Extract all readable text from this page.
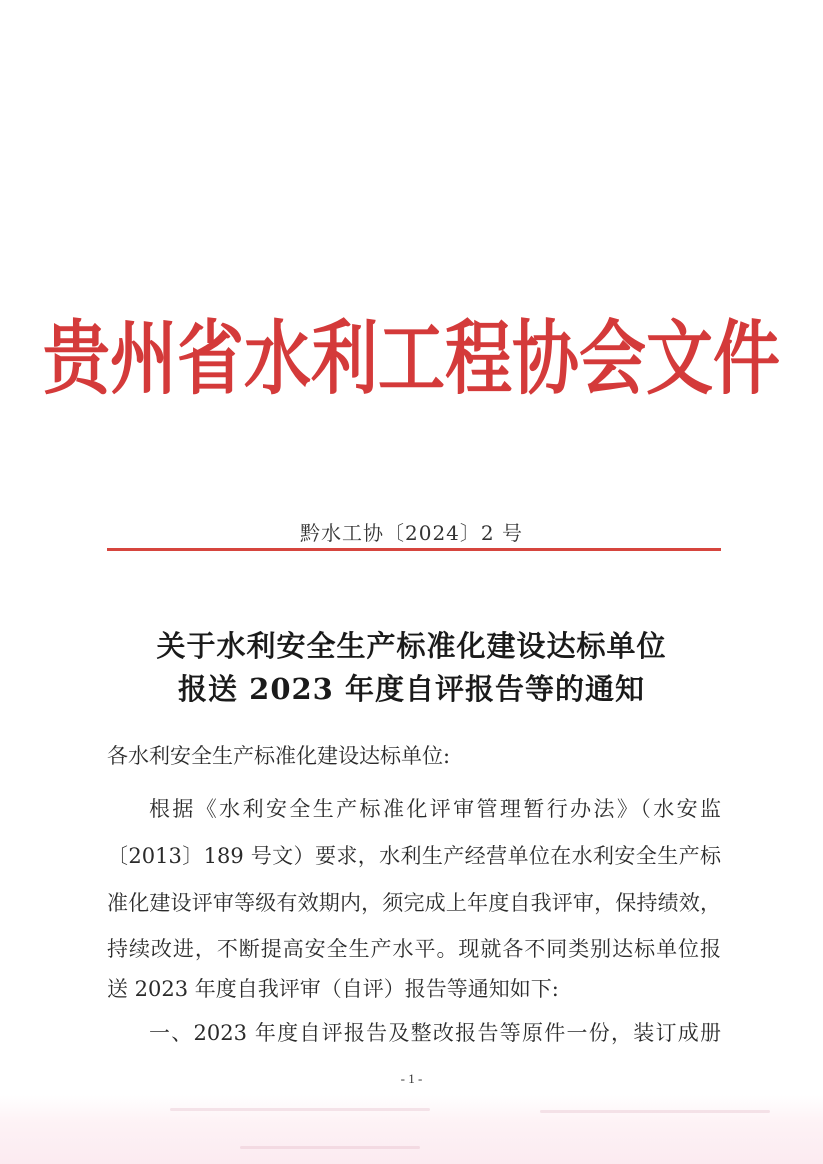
贵州省水利工程协会文件
黔水工协〔2024〕2 号
关于水利安全生产标准化建设达标单位
报送 2023 年度自评报告等的通知
各水利安全生产标准化建设达标单位:
根据《水利安全生产标准化评审管理暂行办法》（水安监
〔2013〕189 号文）要求，水利生产经营单位在水利安全生产标
准化建设评审等级有效期内，须完成上年度自我评审，保持绩效，
持续改进，不断提高安全生产水平。现就各不同类别达标单位报
送 2023 年度自我评审（自评）报告等通知如下:
一、2023 年度自评报告及整改报告等原件一份，装订成册
- 1 -
